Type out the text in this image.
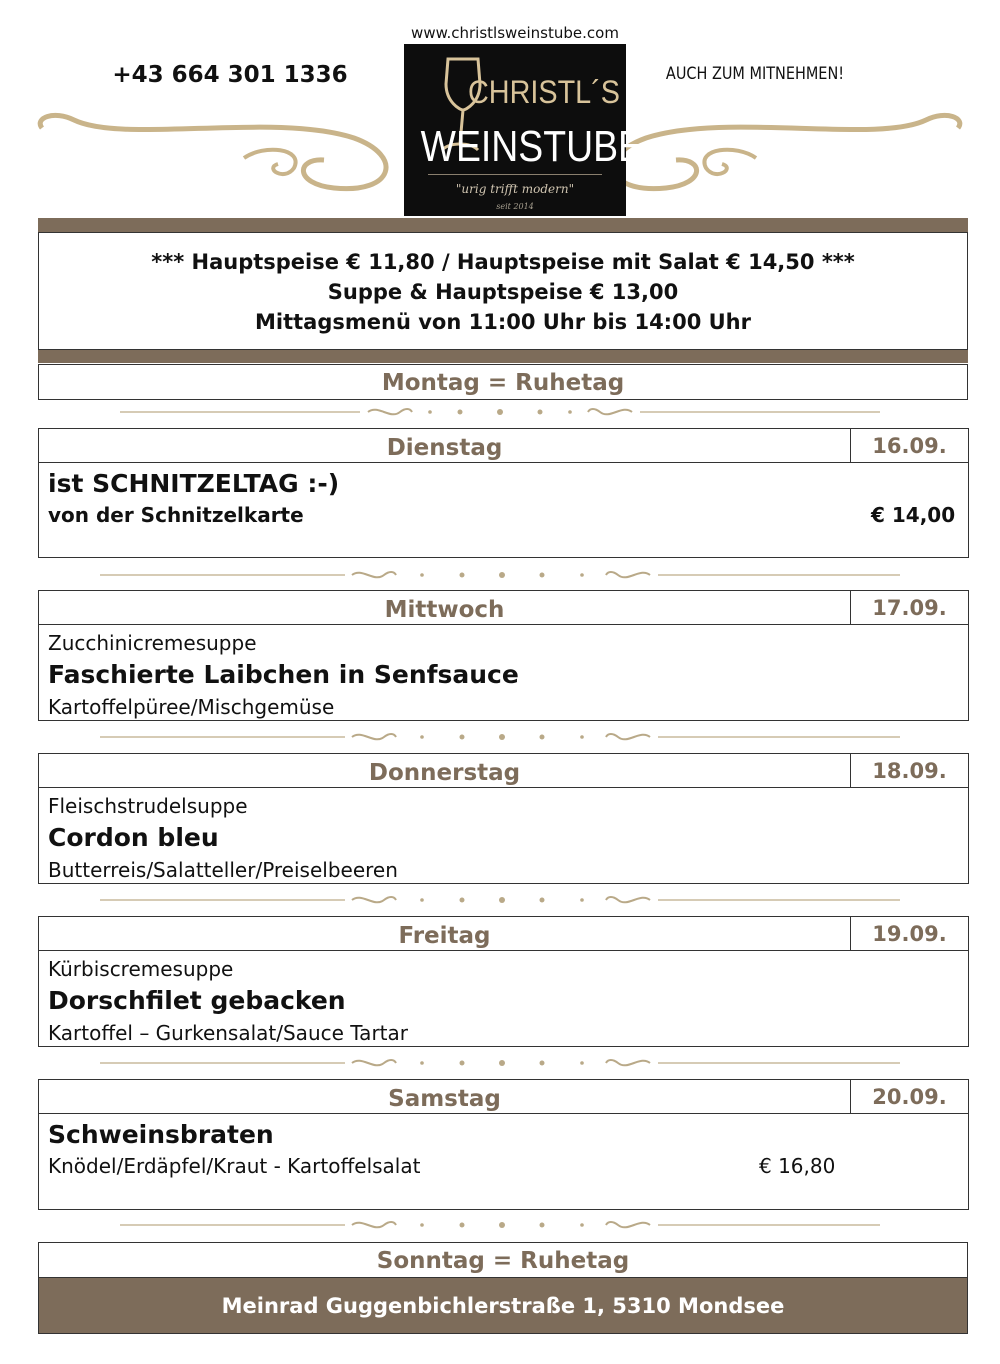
www.christlsweinstube.com
+43 664 301 1336	AUCH ZUM MITNEHMEN!
CHRISTL´S
WEINSTUBE
"urig trifft modern"
seit 2014
*** Hauptspeise € 11,80 / Hauptspeise mit Salat € 14,50 ***
Suppe & Hauptspeise € 13,00
Mittagsmenü von 11:00 Uhr bis 14:00 Uhr
Montag = Ruhetag
Dienstag	16.09.
ist SCHNITZELTAG :-)
von der Schnitzelkarte	€ 14,00
Mittwoch	17.09.
Zucchinicremesuppe
Faschierte Laibchen in Senfsauce
Kartoffelpüree/Mischgemüse
Donnerstag	18.09.
Fleischstrudelsuppe
Cordon bleu
Butterreis/Salatteller/Preiselbeeren
Freitag	19.09.
Kürbiscremesuppe
Dorschfilet gebacken
Kartoffel – Gurkensalat/Sauce Tartar
Samstag	20.09.
Schweinsbraten
Knödel/Erdäpfel/Kraut - Kartoffelsalat	€ 16,80
Sonntag = Ruhetag
Meinrad Guggenbichlerstraße 1, 5310 Mondsee
